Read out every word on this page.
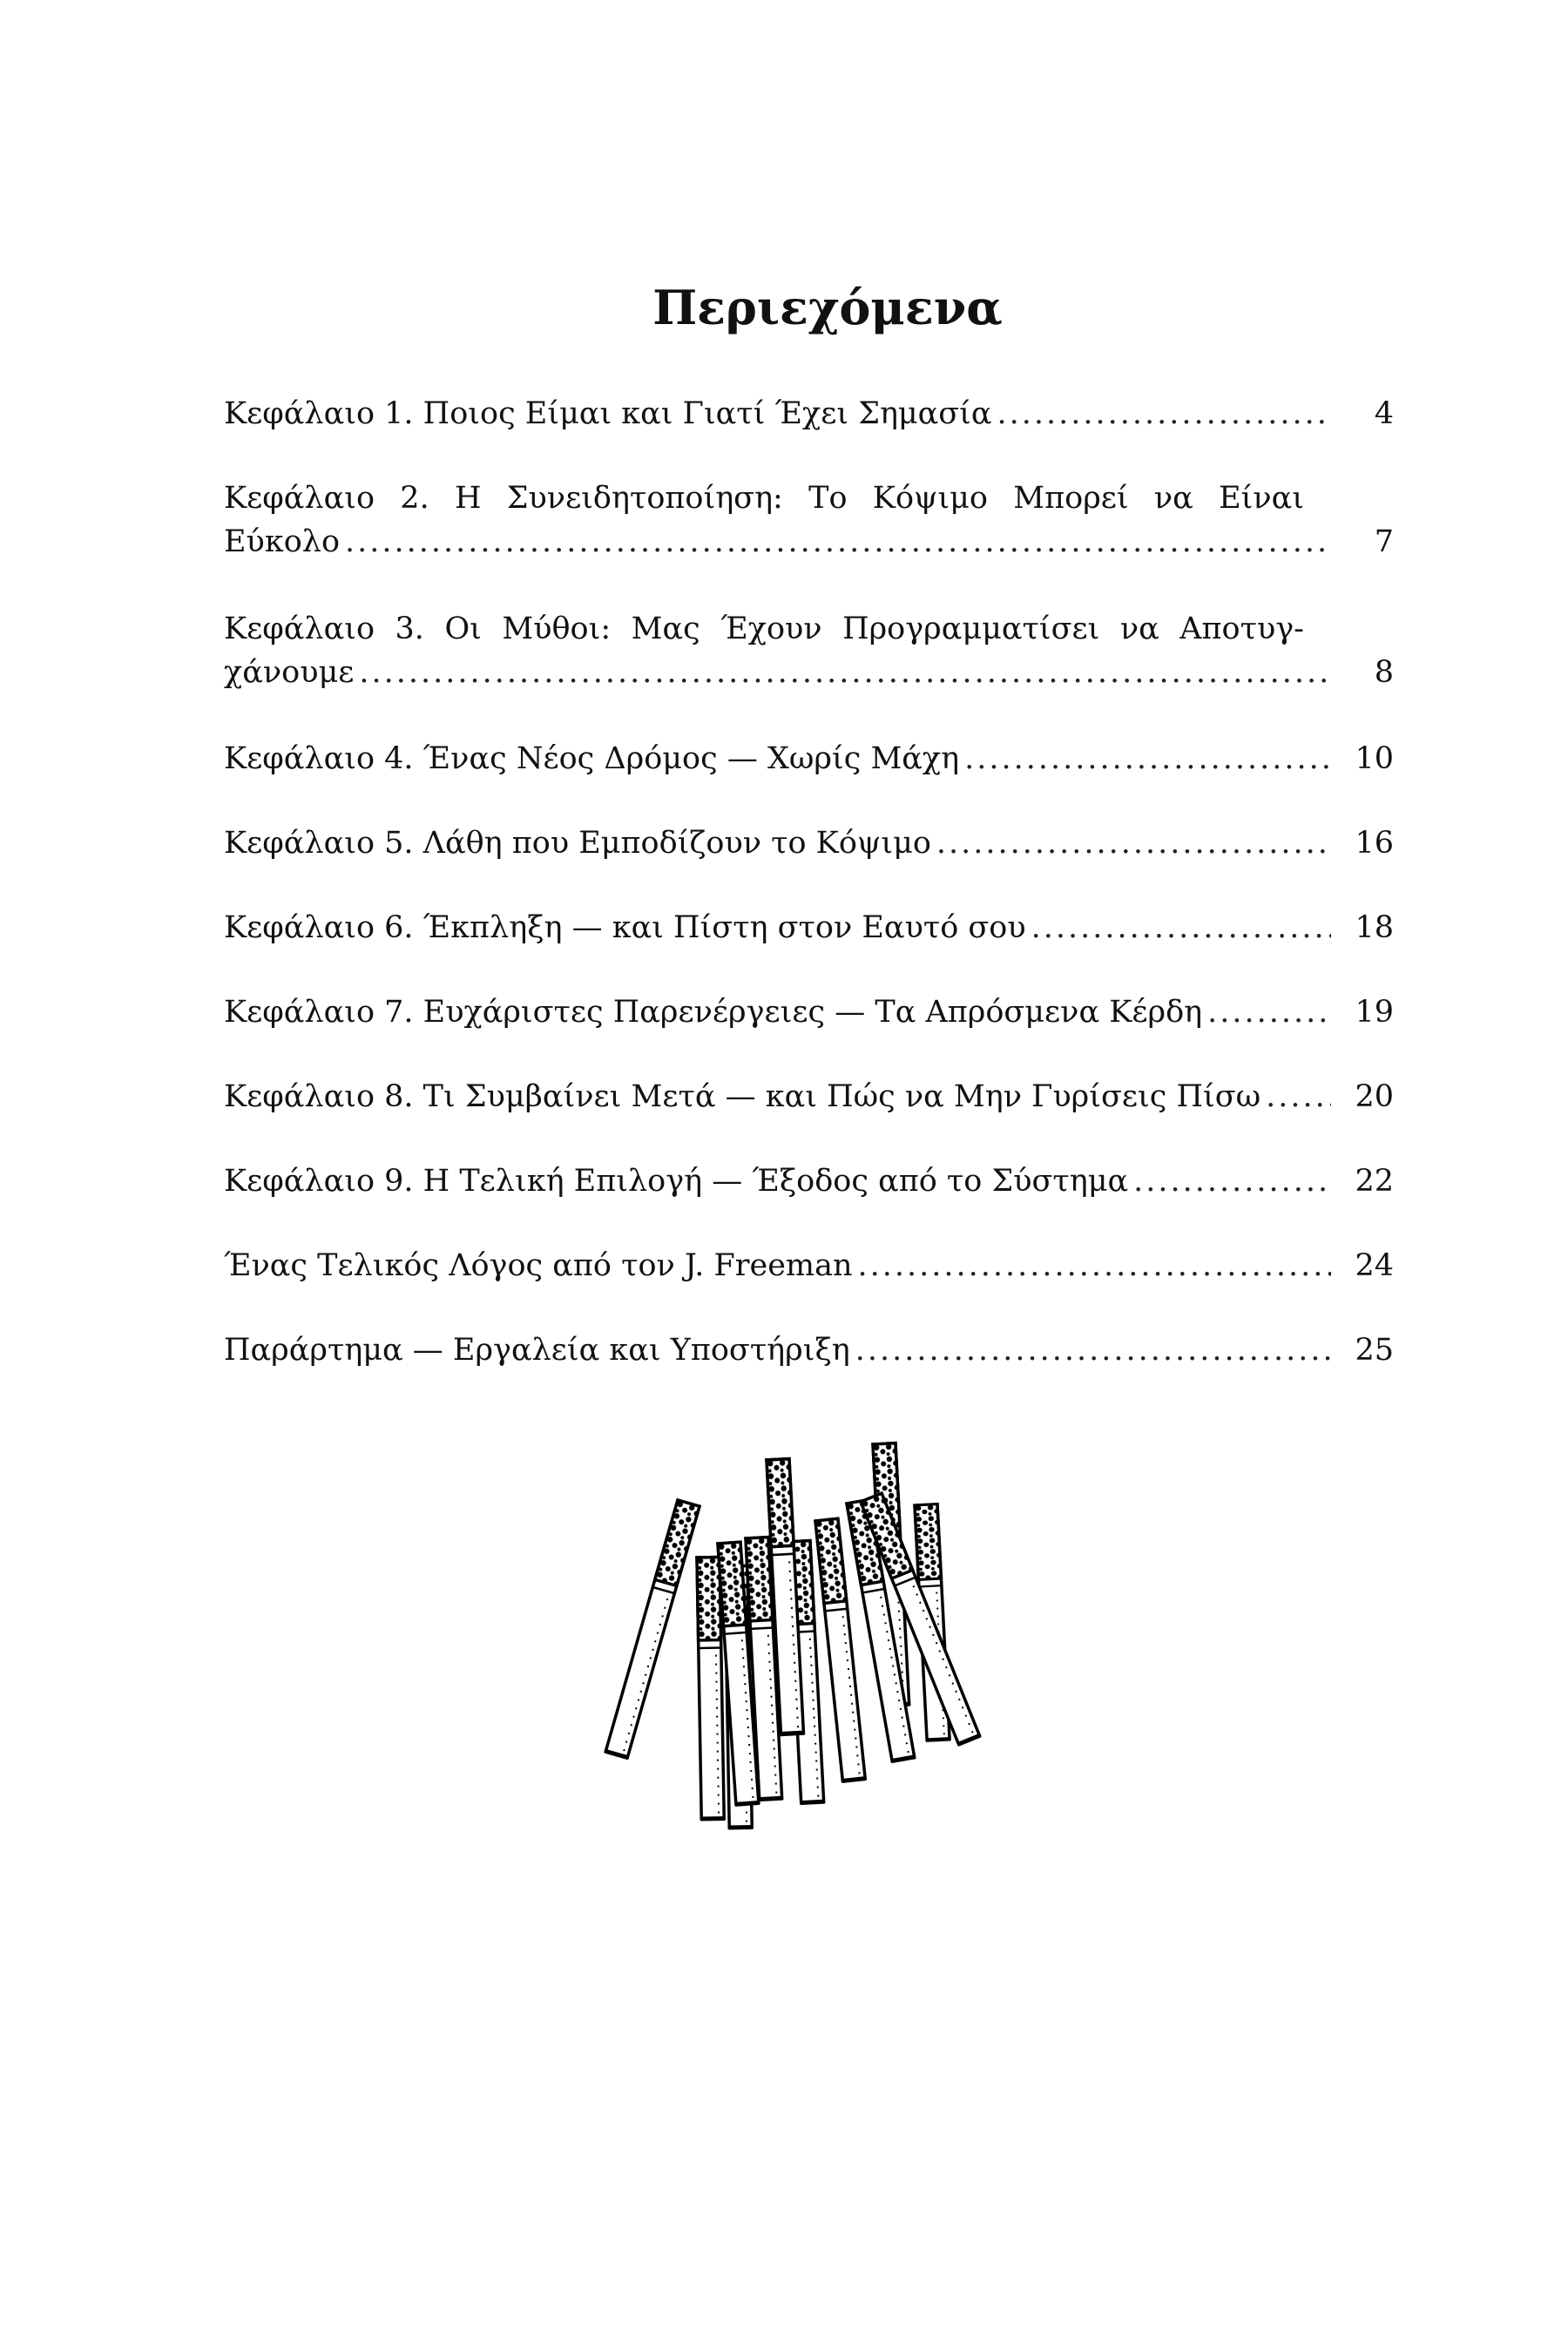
Περιεχόμενα
Κεφάλαιο 1. Ποιος Είμαι και Γιατί Έχει Σημασία .....	4
Κεφάλαιο 2. Η Συνειδητοποίηση: Το Κόψιμο Μπορεί να Είναι
Εύκολο .....	7
Κεφάλαιο 3. Οι Μύθοι: Μας Έχουν Προγραμματίσει να Αποτυγ-
χάνουμε .....	8
Κεφάλαιο 4. Ένας Νέος Δρόμος — Χωρίς Μάχη .....	10
Κεφάλαιο 5. Λάθη που Εμποδίζουν το Κόψιμο .....	16
Κεφάλαιο 6. Έκπληξη — και Πίστη στον Εαυτό σου .....	18
Κεφάλαιο 7. Ευχάριστες Παρενέργειες — Τα Απρόσμενα Κέρδη .....	19
Κεφάλαιο 8. Τι Συμβαίνει Μετά — και Πώς να Μην Γυρίσεις Πίσω .....	20
Κεφάλαιο 9. Η Τελική Επιλογή — Έξοδος από το Σύστημα .....	22
Ένας Τελικός Λόγος από τον J. Freeman .....	24
Παράρτημα — Εργαλεία και Υποστήριξη .....	25
